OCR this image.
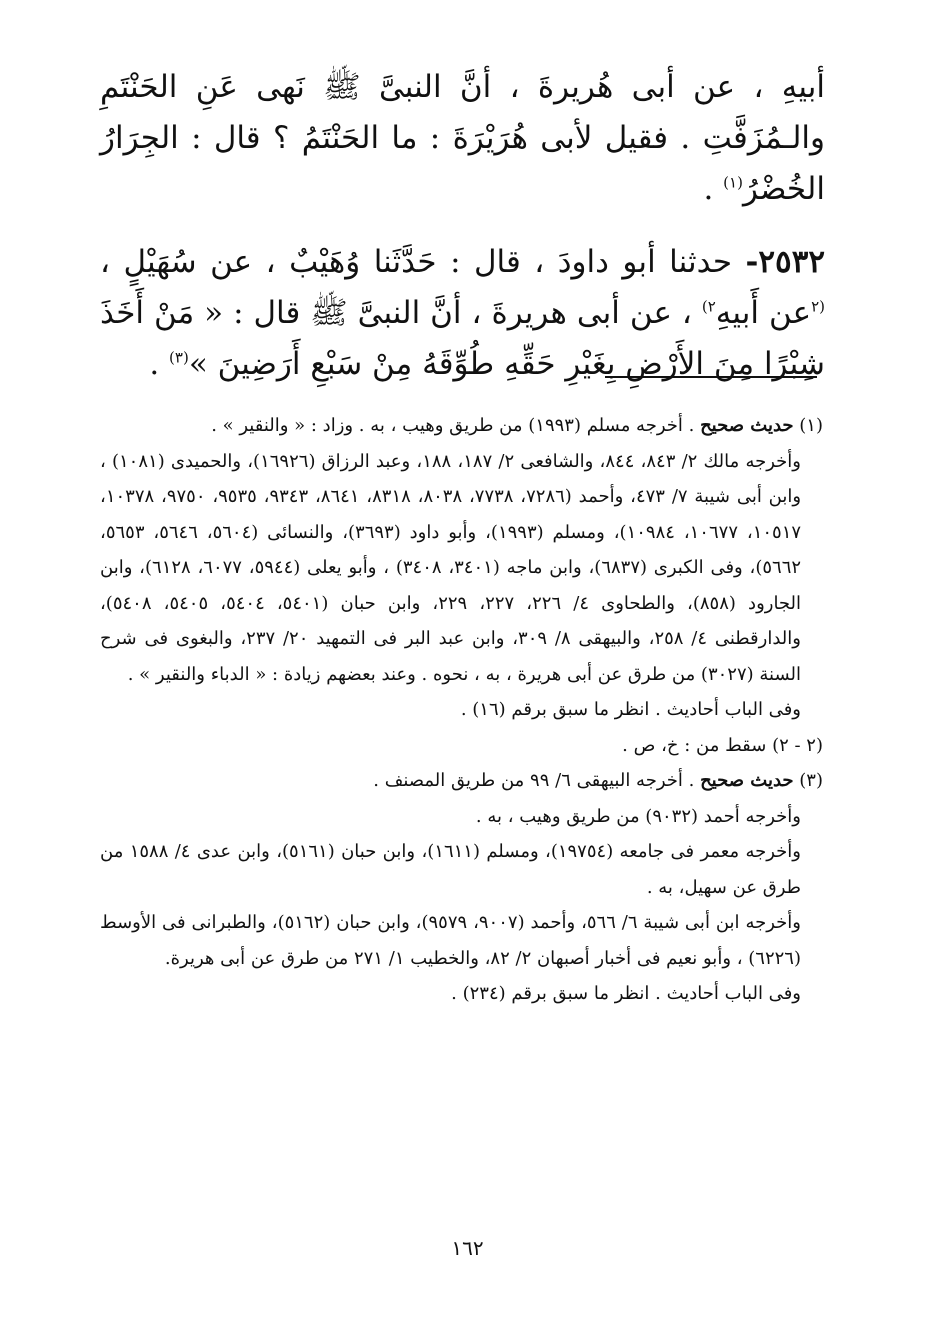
أبيهِ ، عن أبى هُريرةَ ، أنَّ النبىَّ ﷺ نَهى عَنِ الحَنْتَمِ والـمُزَفَّتِ . فقيل لأبى هُرَيْرَةَ : ما الحَنْتَمُ ؟ قال : الجِرَارُ الخُضْرُ$^{(١)}$ .

٢٥٣٢- حدثنا أبو داودَ ، قال : حَدَّثَنا وُهَيْبٌ ، عن سُهَيْلٍ ، $^{(٢}$عن أَبيهِ$^{٢)}$ ، عن أبى هريرةَ ، أنَّ النبىَّ ﷺ قال : « مَنْ أَخَذَ شِبْرًا مِنَ الأَرْضِ بِغَيْرِ حَقِّهِ طُوِّقَهُ مِنْ سَبْعِ أَرَضِينَ »$^{(٣)}$ .

(١) حديث صحيح . أخرجه مسلم (١٩٩٣) من طريق وهيب ، به . وزاد : « والنقير » .

وأخرجه مالك ٢/ ٨٤٣، ٨٤٤، والشافعى ٢/ ١٨٧، ١٨٨، وعبد الرزاق (١٦٩٢٦)، والحميدى (١٠٨١) ، وابن أبى شيبة ٧/ ٤٧٣، وأحمد (٧٢٨٦، ٧٧٣٨، ٨٠٣٨، ٨٣١٨، ٨٦٤١، ٩٣٤٣، ٩٥٣٥، ٩٧٥٠، ١٠٣٧٨، ١٠٥١٧، ١٠٦٧٧، ١٠٩٨٤)، ومسلم (١٩٩٣)، وأبو داود (٣٦٩٣)، والنسائى (٥٦٠٤، ٥٦٤٦، ٥٦٥٣، ٥٦٦٢)، وفى الكبرى (٦٨٣٧)، وابن ماجه (٣٤٠١، ٣٤٠٨) ، وأبو يعلى (٥٩٤٤، ٦٠٧٧، ٦١٢٨)، وابن الجارود (٨٥٨)، والطحاوى ٤/ ٢٢٦، ٢٢٧، ٢٢٩، وابن حبان (٥٤٠١، ٥٤٠٤، ٥٤٠٥، ٥٤٠٨)، والدارقطنى ٤/ ٢٥٨، والبيهقى ٨/ ٣٠٩، وابن عبد البر فى التمهيد ٢٠/ ٢٣٧، والبغوى فى شرح السنة (٣٠٢٧) من طرق عن أبى هريرة ، به ، نحوه . وعند بعضهم زيادة : « الدباء والنقير » .

وفى الباب أحاديث . انظر ما سبق برقم (١٦) .

(٢ - ٢) سقط من : خ، ص .

(٣) حديث صحيح . أخرجه البيهقى ٦/ ٩٩ من طريق المصنف .

وأخرجه أحمد (٩٠٣٢) من طريق وهيب ، به .

وأخرجه معمر فى جامعه (١٩٧٥٤)، ومسلم (١٦١١)، وابن حبان (٥١٦١)، وابن عدى ٤/ ١٥٨٨ من طرق عن سهيل، به .

وأخرجه ابن أبى شيبة ٦/ ٥٦٦، وأحمد (٩٠٠٧، ٩٥٧٩)، وابن حبان (٥١٦٢)، والطبرانى فى الأوسط (٦٢٢٦) ، وأبو نعيم فى أخبار أصبهان ٢/ ٨٢، والخطيب ١/ ٢٧١ من طرق عن أبى هريرة.

وفى الباب أحاديث . انظر ما سبق برقم (٢٣٤) .

١٦٢
